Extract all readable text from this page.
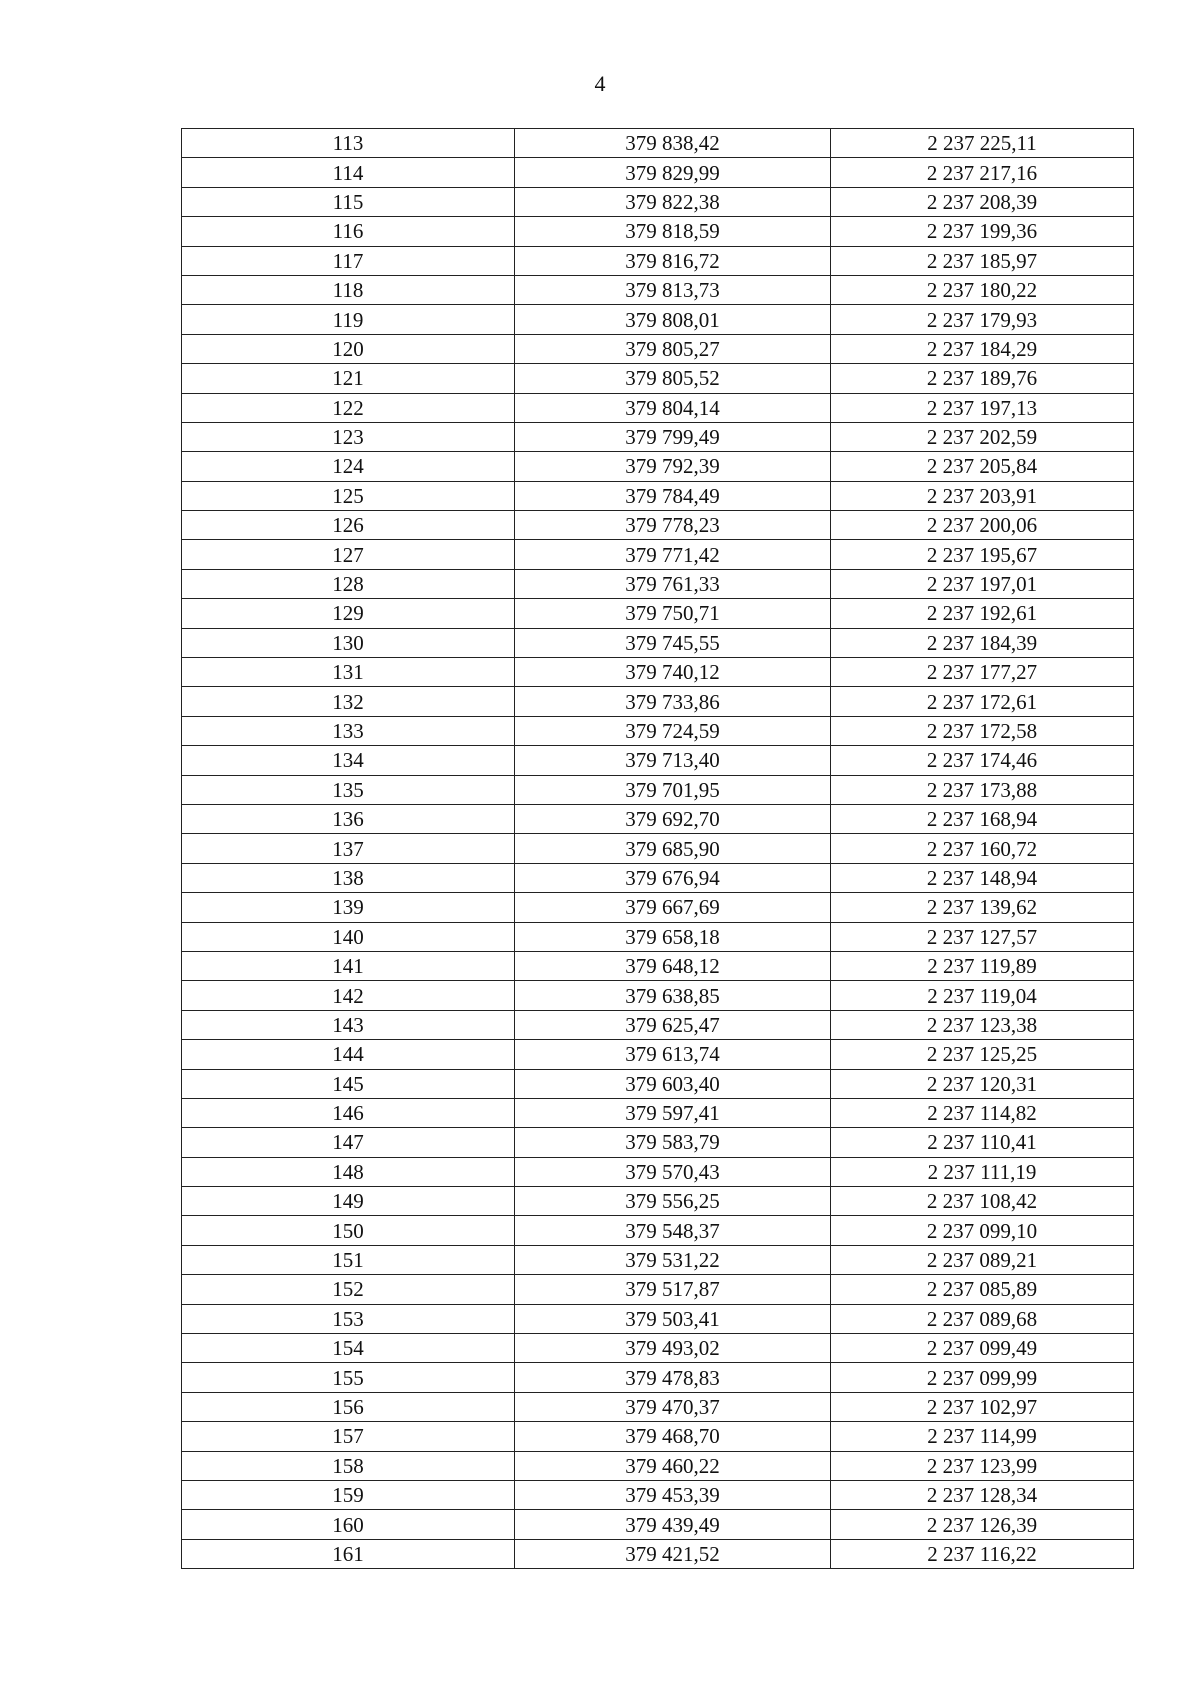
4
113	379 838,42	2 237 225,11
114	379 829,99	2 237 217,16
115	379 822,38	2 237 208,39
116	379 818,59	2 237 199,36
117	379 816,72	2 237 185,97
118	379 813,73	2 237 180,22
119	379 808,01	2 237 179,93
120	379 805,27	2 237 184,29
121	379 805,52	2 237 189,76
122	379 804,14	2 237 197,13
123	379 799,49	2 237 202,59
124	379 792,39	2 237 205,84
125	379 784,49	2 237 203,91
126	379 778,23	2 237 200,06
127	379 771,42	2 237 195,67
128	379 761,33	2 237 197,01
129	379 750,71	2 237 192,61
130	379 745,55	2 237 184,39
131	379 740,12	2 237 177,27
132	379 733,86	2 237 172,61
133	379 724,59	2 237 172,58
134	379 713,40	2 237 174,46
135	379 701,95	2 237 173,88
136	379 692,70	2 237 168,94
137	379 685,90	2 237 160,72
138	379 676,94	2 237 148,94
139	379 667,69	2 237 139,62
140	379 658,18	2 237 127,57
141	379 648,12	2 237 119,89
142	379 638,85	2 237 119,04
143	379 625,47	2 237 123,38
144	379 613,74	2 237 125,25
145	379 603,40	2 237 120,31
146	379 597,41	2 237 114,82
147	379 583,79	2 237 110,41
148	379 570,43	2 237 111,19
149	379 556,25	2 237 108,42
150	379 548,37	2 237 099,10
151	379 531,22	2 237 089,21
152	379 517,87	2 237 085,89
153	379 503,41	2 237 089,68
154	379 493,02	2 237 099,49
155	379 478,83	2 237 099,99
156	379 470,37	2 237 102,97
157	379 468,70	2 237 114,99
158	379 460,22	2 237 123,99
159	379 453,39	2 237 128,34
160	379 439,49	2 237 126,39
161	379 421,52	2 237 116,22
